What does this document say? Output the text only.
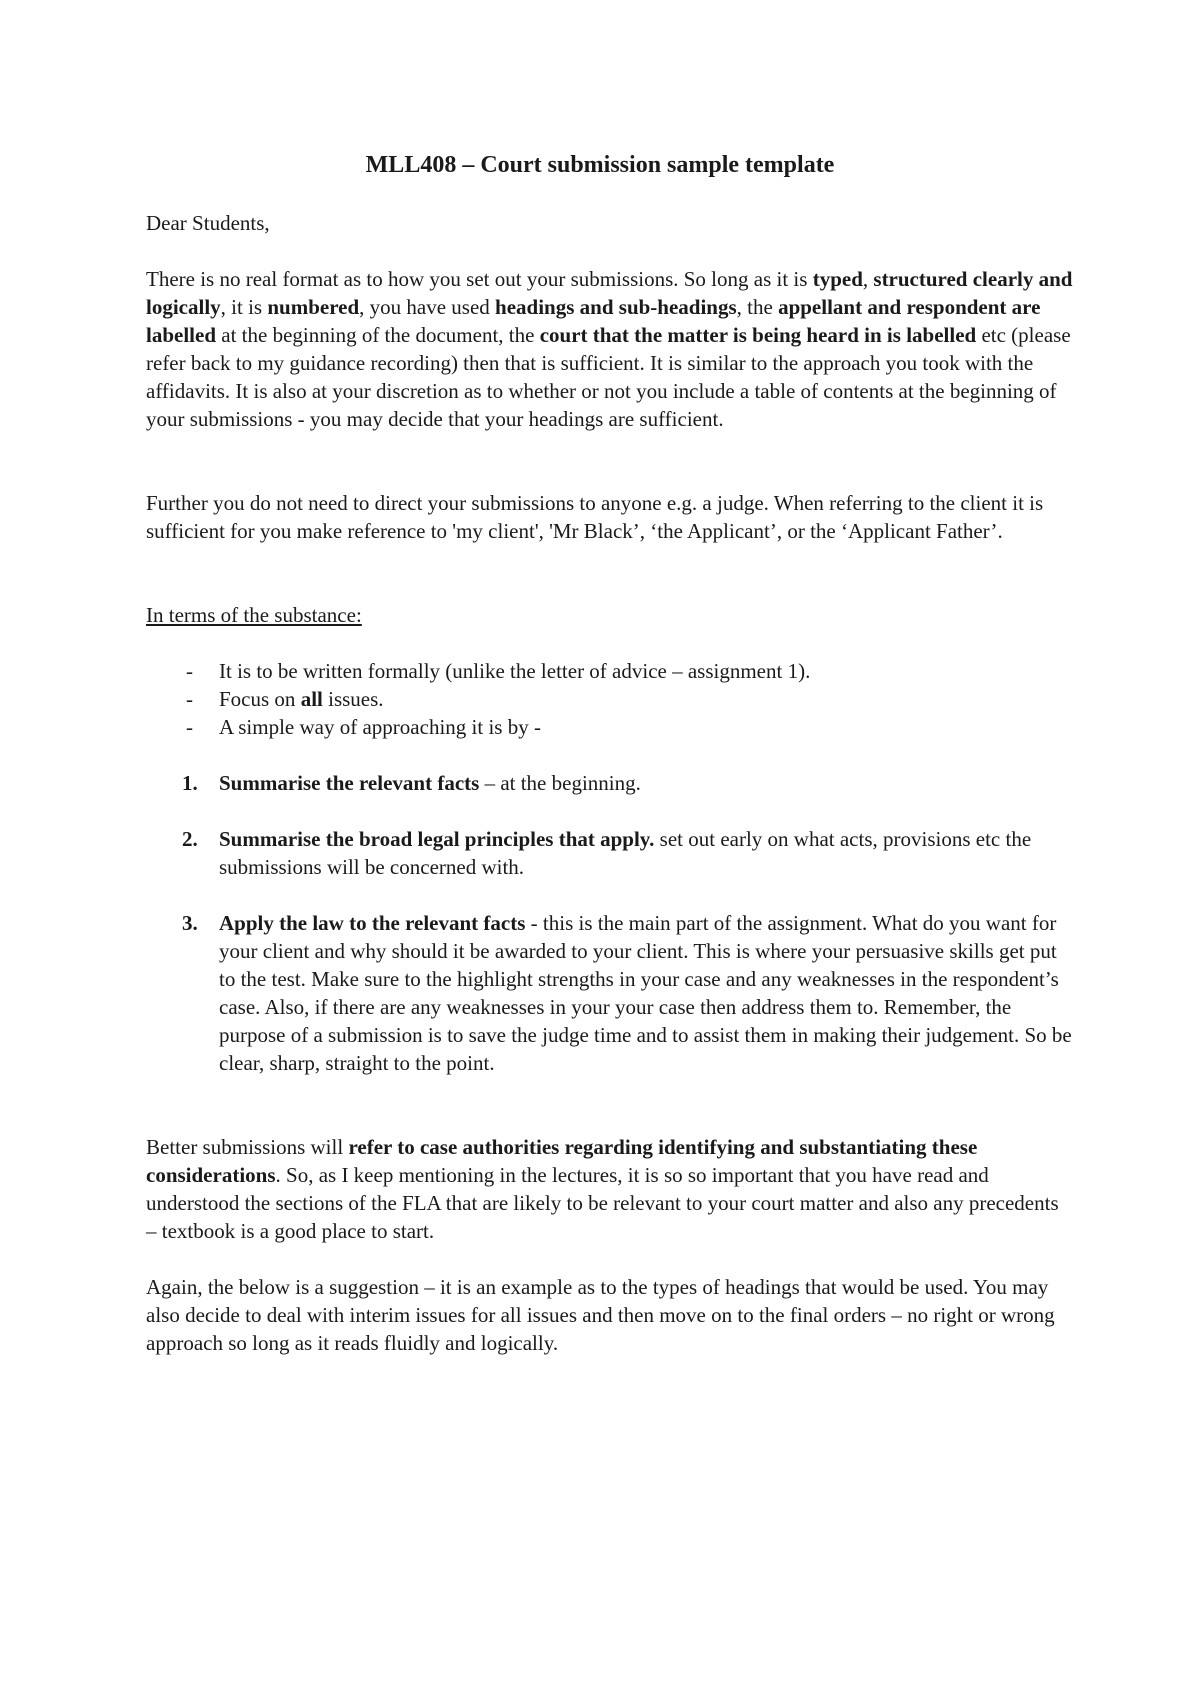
MLL408 – Court submission sample template

Dear Students,

There is no real format as to how you set out your submissions. So long as it is typed, structured clearly and logically, it is numbered, you have used headings and sub-headings, the appellant and respondent are labelled at the beginning of the document, the court that the matter is being heard in is labelled etc (please refer back to my guidance recording) then that is sufficient. It is similar to the approach you took with the affidavits. It is also at your discretion as to whether or not you include a table of contents at the beginning of your submissions - you may decide that your headings are sufficient.

Further you do not need to direct your submissions to anyone e.g. a judge. When referring to the client it is sufficient for you make reference to 'my client', 'Mr Black’, ‘the Applicant’, or the ‘Applicant Father’.

In terms of the substance:

- It is to be written formally (unlike the letter of advice – assignment 1).
- Focus on all issues.
- A simple way of approaching it is by -
1. Summarise the relevant facts – at the beginning.
2. Summarise the broad legal principles that apply. set out early on what acts, provisions etc the submissions will be concerned with.
3. Apply the law to the relevant facts - this is the main part of the assignment. What do you want for your client and why should it be awarded to your client. This is where your persuasive skills get put to the test. Make sure to the highlight strengths in your case and any weaknesses in the respondent’s case. Also, if there are any weaknesses in your your case then address them to. Remember, the purpose of a submission is to save the judge time and to assist them in making their judgement. So be clear, sharp, straight to the point.

Better submissions will refer to case authorities regarding identifying and substantiating these considerations. So, as I keep mentioning in the lectures, it is so so important that you have read and understood the sections of the FLA that are likely to be relevant to your court matter and also any precedents – textbook is a good place to start.

Again, the below is a suggestion – it is an example as to the types of headings that would be used. You may also decide to deal with interim issues for all issues and then move on to the final orders – no right or wrong approach so long as it reads fluidly and logically.
